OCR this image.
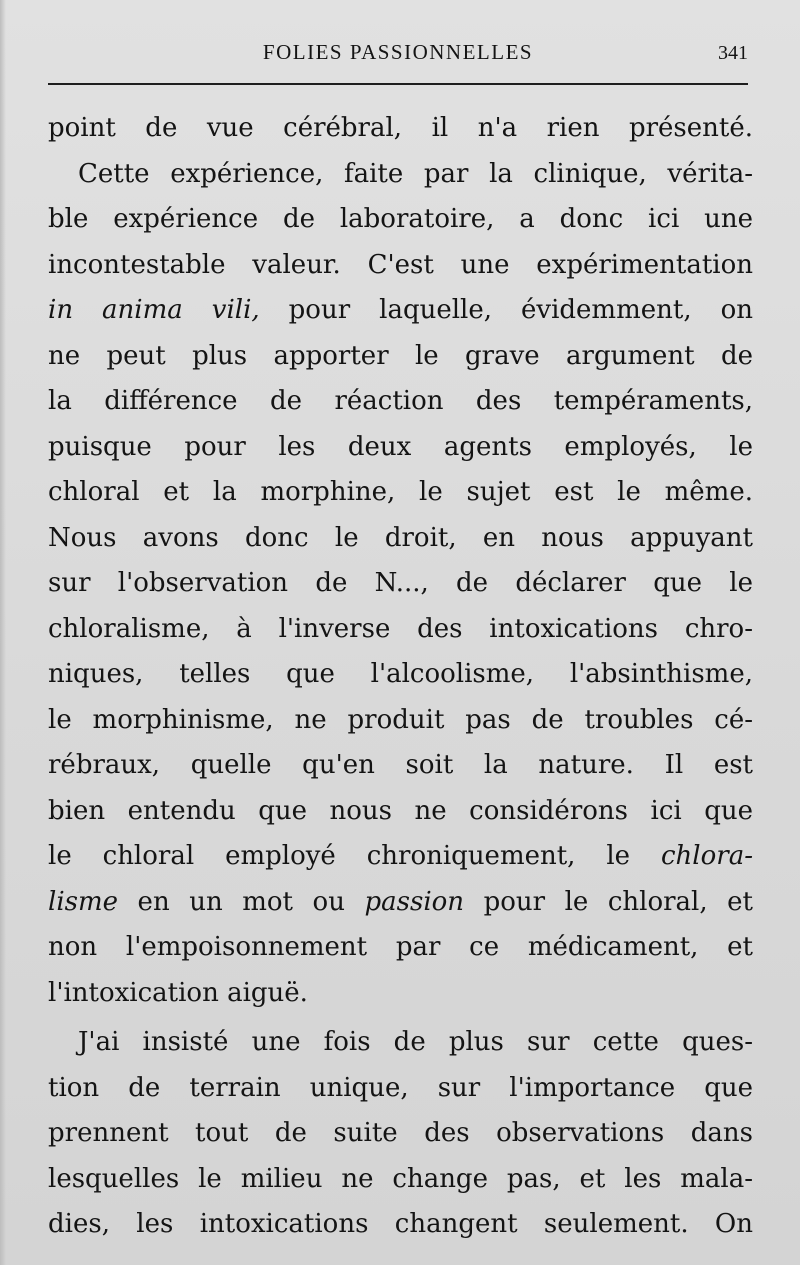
FOLIES PASSIONNELLES	341
point de vue cérébral, il n'a rien présenté.
Cette expérience, faite par la clinique, vérita-
ble expérience de laboratoire, a donc ici une
incontestable valeur. C'est une expérimentation
in anima vili, pour laquelle, évidemment, on
ne peut plus apporter le grave argument de
la différence de réaction des tempéraments,
puisque pour les deux agents employés, le
chloral et la morphine, le sujet est le même.
Nous avons donc le droit, en nous appuyant
sur l'observation de N..., de déclarer que le
chloralisme, à l'inverse des intoxications chro-
niques, telles que l'alcoolisme, l'absinthisme,
le morphinisme, ne produit pas de troubles cé-
rébraux, quelle qu'en soit la nature. Il est
bien entendu que nous ne considérons ici que
le chloral employé chroniquement, le chlora-
lisme en un mot ou passion pour le chloral, et
non l'empoisonnement par ce médicament, et
l'intoxication aiguë.
J'ai insisté une fois de plus sur cette ques-
tion de terrain unique, sur l'importance que
prennent tout de suite des observations dans
lesquelles le milieu ne change pas, et les mala-
dies, les intoxications changent seulement. On
